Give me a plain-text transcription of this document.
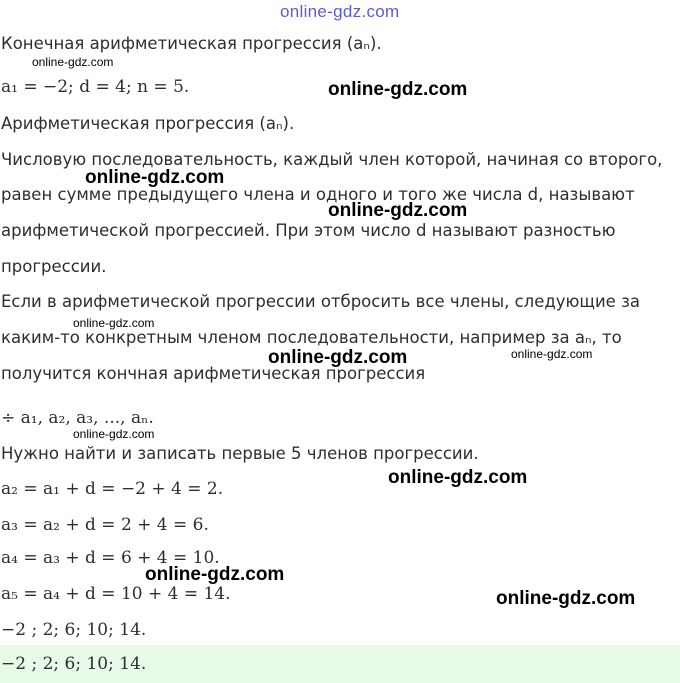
online-gdz.com
Конечная арифметическая прогрессия (aₙ).
a₁ = −2; d = 4; n = 5.
Арифметическая прогрессия (aₙ).
Числовую последовательность, каждый член которой, начиная со второго,
равен сумме предыдущего члена и одного и того же числа d, называют
арифметической прогрессией. При этом число d называют разностью
прогрессии.
Если в арифметической прогрессии отбросить все члены, следующие за
каким-то конкретным членом последовательности, например за aₙ, то
получится кончная арифметическая прогрессия
÷ a₁, a₂, a₃, ..., aₙ.
Нужно найти и записать первые 5 членов прогрессии.
a₂ = a₁ + d = −2 + 4 = 2.
a₃ = a₂ + d = 2 + 4 = 6.
a₄ = a₃ + d = 6 + 4 = 10.
a₅ = a₄ + d = 10 + 4 = 14.
−2 ; 2; 6; 10; 14.
−2 ; 2; 6; 10; 14.
online-gdz.com
online-gdz.com
online-gdz.com
online-gdz.com
online-gdz.com
online-gdz.com	online-gdz.com
online-gdz.com
online-gdz.com
online-gdz.com
online-gdz.com
